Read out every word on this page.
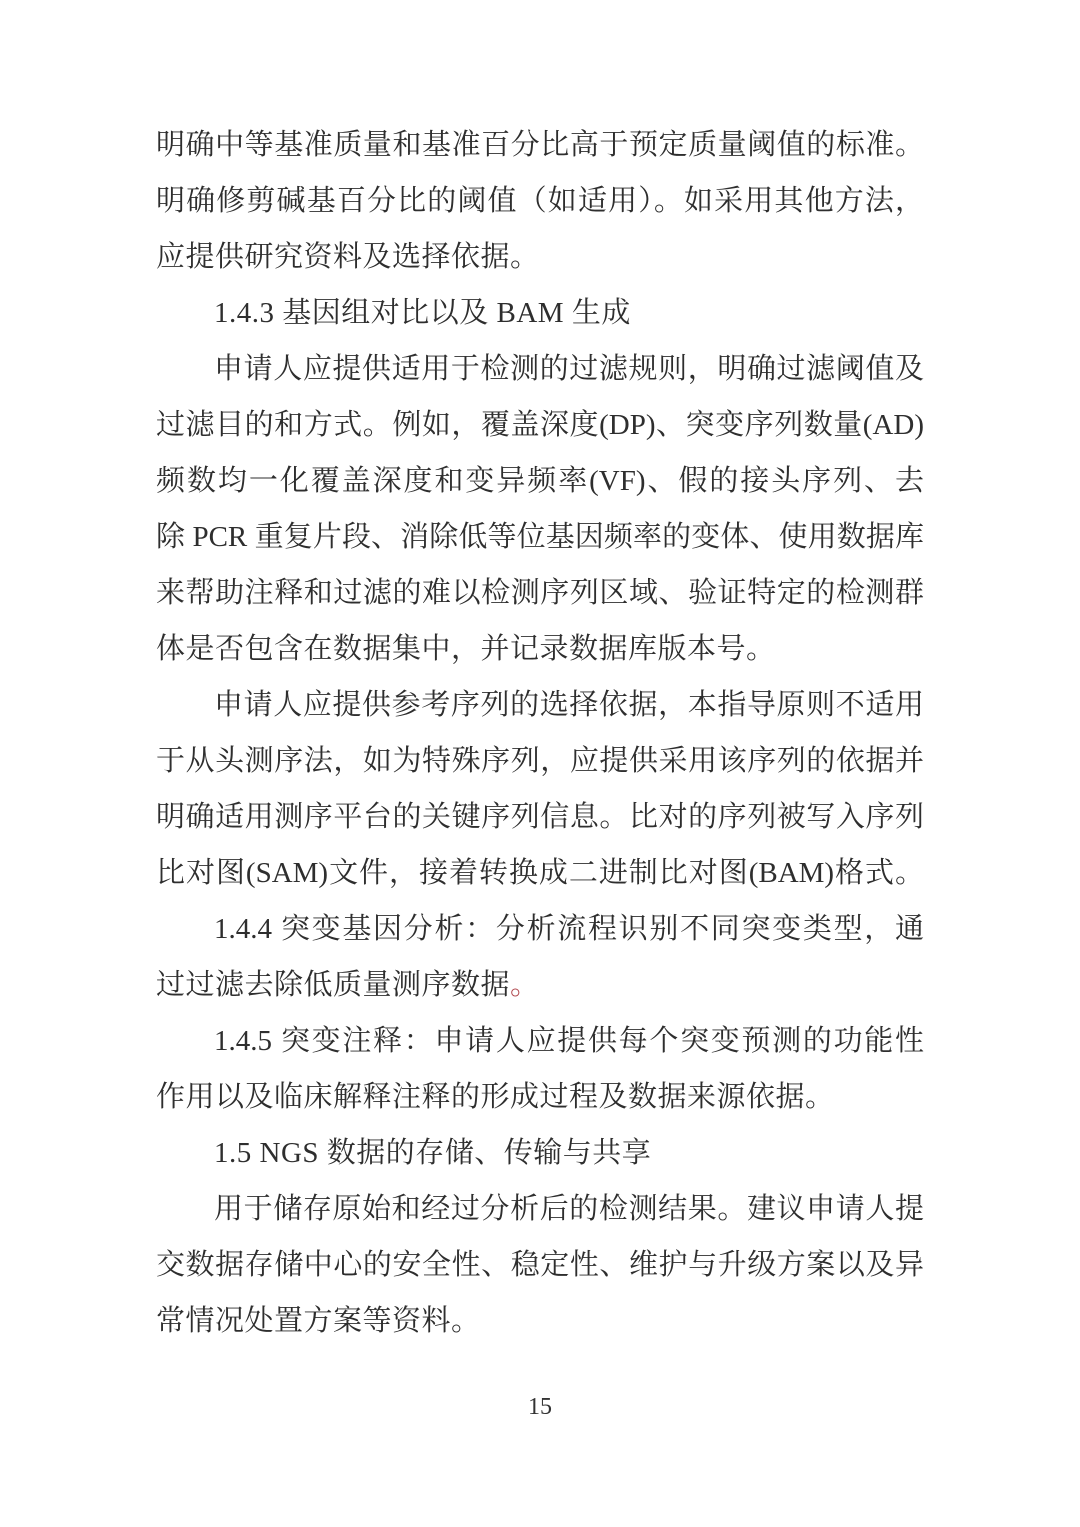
明确中等基准质量和基准百分比高于预定质量阈值的标准。
明确修剪碱基百分比的阈值（如适用）。如采用其他方法，
应提供研究资料及选择依据。
1.4.3 基因组对比以及 BAM 生成
申请人应提供适用于检测的过滤规则，明确过滤阈值及
过滤目的和方式。例如，覆盖深度(DP)、突变序列数量(AD)
频数均一化覆盖深度和变异频率(VF)、假的接头序列、去
除 PCR 重复片段、消除低等位基因频率的变体、使用数据库
来帮助注释和过滤的难以检测序列区域、验证特定的检测群
体是否包含在数据集中，并记录数据库版本号。
申请人应提供参考序列的选择依据，本指导原则不适用
于从头测序法，如为特殊序列，应提供采用该序列的依据并
明确适用测序平台的关键序列信息。比对的序列被写入序列
比对图(SAM)文件，接着转换成二进制比对图(BAM)格式。
1.4.4 突变基因分析：分析流程识别不同突变类型，通
过过滤去除低质量测序数据。
1.4.5 突变注释：申请人应提供每个突变预测的功能性
作用以及临床解释注释的形成过程及数据来源依据。
1.5 NGS 数据的存储、传输与共享
用于储存原始和经过分析后的检测结果。建议申请人提
交数据存储中心的安全性、稳定性、维护与升级方案以及异
常情况处置方案等资料。
15
